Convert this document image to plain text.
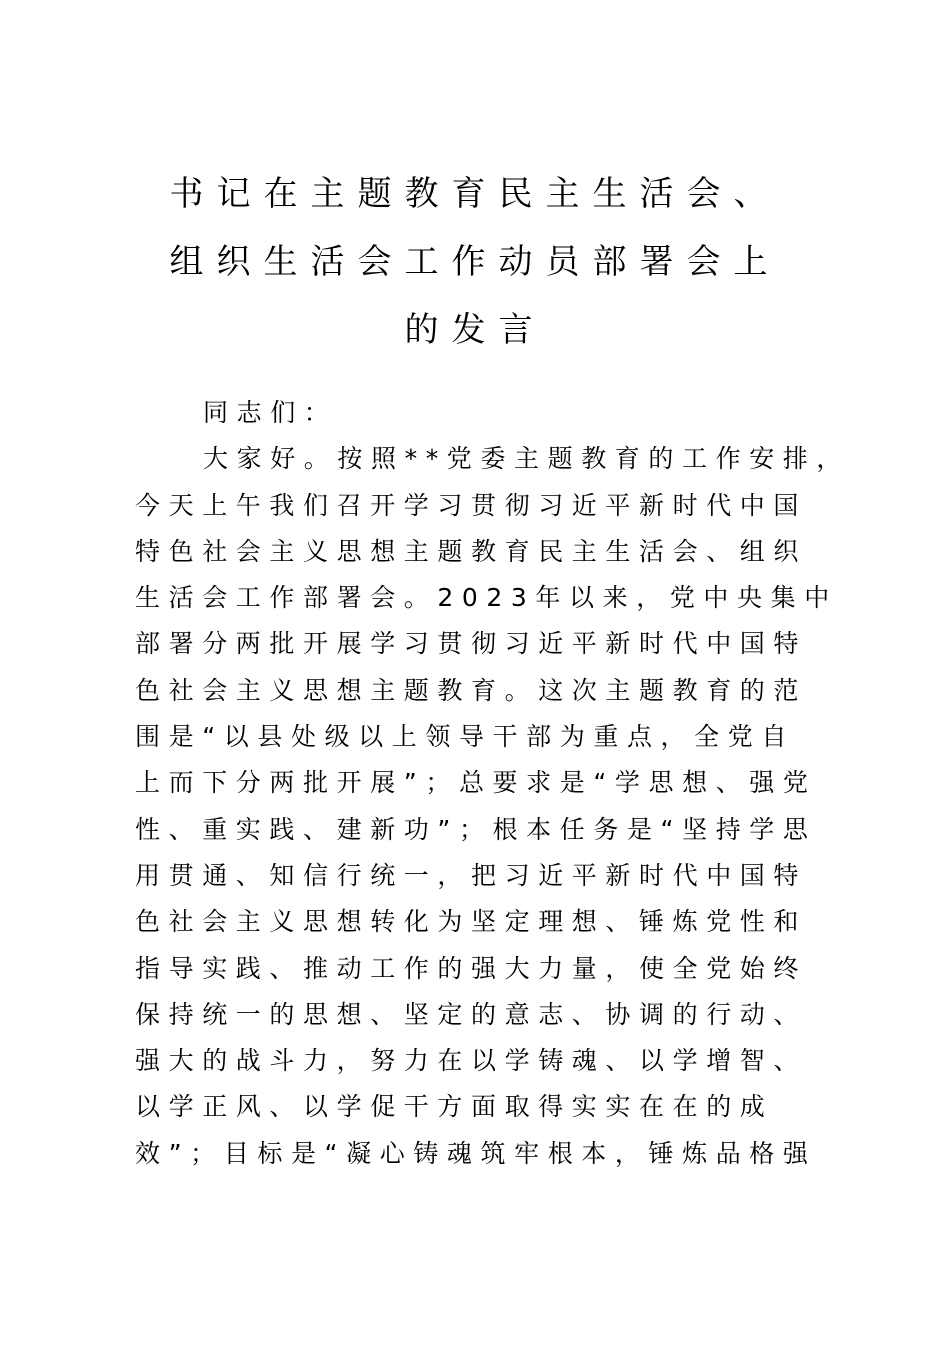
书记在主题教育民主生活会、
组织生活会工作动员部署会上
的发言
同志们：
大家好。按照**党委主题教育的工作安排，
今天上午我们召开学习贯彻习近平新时代中国
特色社会主义思想主题教育民主生活会、组织
生活会工作部署会。2023年以来，党中央集中
部署分两批开展学习贯彻习近平新时代中国特
色社会主义思想主题教育。这次主题教育的范
围是“以县处级以上领导干部为重点，全党自
上而下分两批开展”；总要求是“学思想、强党
性、重实践、建新功”；根本任务是“坚持学思
用贯通、知信行统一，把习近平新时代中国特
色社会主义思想转化为坚定理想、锤炼党性和
指导实践、推动工作的强大力量，使全党始终
保持统一的思想、坚定的意志、协调的行动、
强大的战斗力，努力在以学铸魂、以学增智、
以学正风、以学促干方面取得实实在在的成
效”；目标是“凝心铸魂筑牢根本，锤炼品格强
